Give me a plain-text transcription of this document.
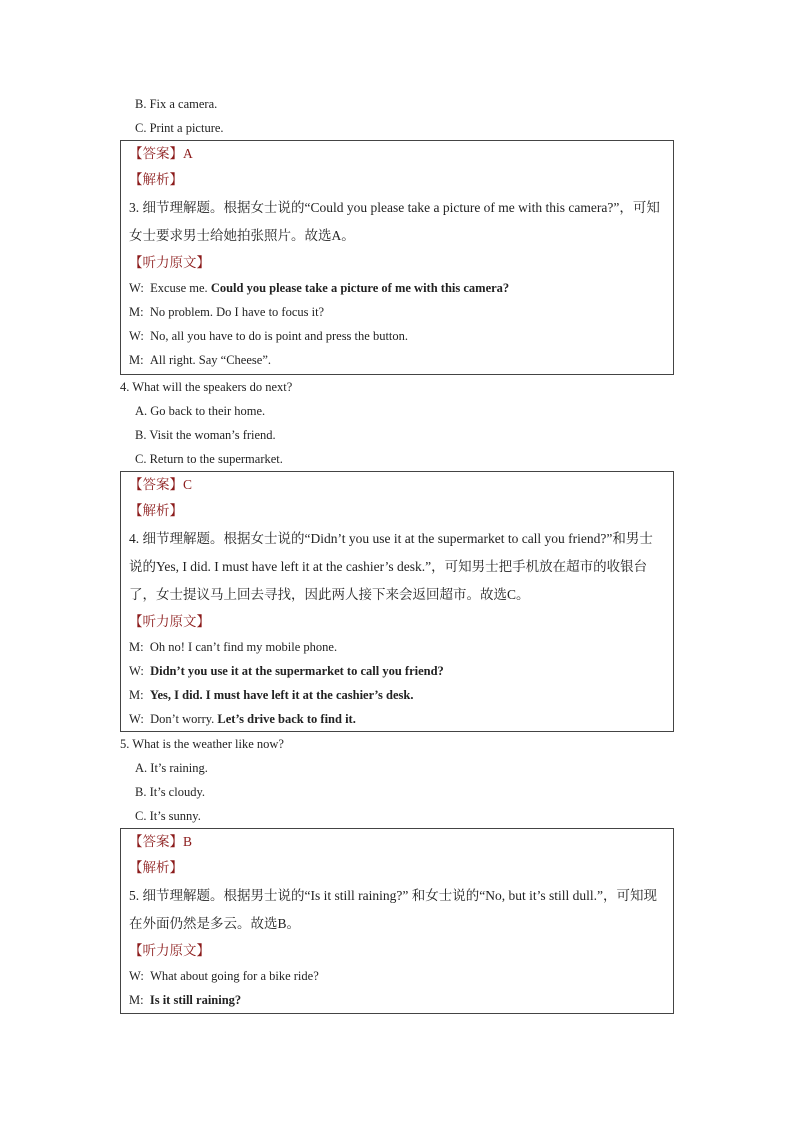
B. Fix a camera.
C. Print a picture.
【答案】A
【解析】
3. 细节理解题。根据女士说的“Could you please take a picture of me with this camera?”，可知女士要求男士给她拍张照片。故选A。
【听力原文】
W: Excuse me. Could you please take a picture of me with this camera?
M: No problem. Do I have to focus it?
W: No, all you have to do is point and press the button.
M: All right. Say “Cheese”.
4. What will the speakers do next?
A. Go back to their home.
B. Visit the woman’s friend.
C. Return to the supermarket.
【答案】C
【解析】
4. 细节理解题。根据女士说的“Didn’t you use it at the supermarket to call you friend?”和男士说的Yes, I did. I must have left it at the cashier’s desk.”，可知男士把手机放在超市的收银台了，女士提议马上回去寻找，因此两人接下来会返回超市。故选C。
【听力原文】
M: Oh no! I can’t find my mobile phone.
W: Didn’t you use it at the supermarket to call you friend?
M: Yes, I did. I must have left it at the cashier’s desk.
W: Don’t worry. Let’s drive back to find it.
5. What is the weather like now?
A. It’s raining.
B. It’s cloudy.
C. It’s sunny.
【答案】B
【解析】
5. 细节理解题。根据男士说的“Is it still raining?” 和女士说的“No, but it’s still dull.”，可知现在外面仍然是多云。故选B。
【听力原文】
W: What about going for a bike ride?
M: Is it still raining?
